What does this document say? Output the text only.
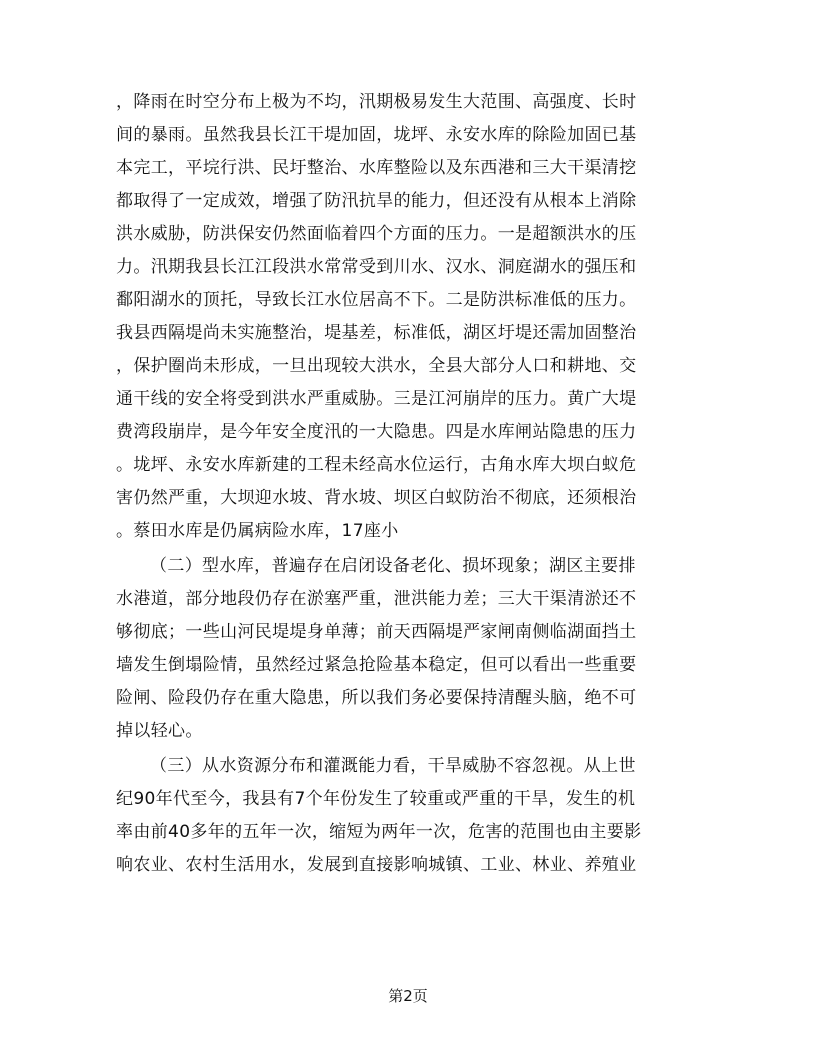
，降雨在时空分布上极为不均，汛期极易发生大范围、高强度、长时
间的暴雨。虽然我县长江干堤加固，垅坪、永安水库的除险加固已基
本完工，平垸行洪、民圩整治、水库整险以及东西港和三大干渠清挖
都取得了一定成效，增强了防汛抗旱的能力，但还没有从根本上消除
洪水威胁，防洪保安仍然面临着四个方面的压力。一是超额洪水的压
力。汛期我县长江江段洪水常常受到川水、汉水、洞庭湖水的强压和
鄱阳湖水的顶托，导致长江水位居高不下。二是防洪标准低的压力。
我县西隔堤尚未实施整治，堤基差，标准低，湖区圩堤还需加固整治
，保护圈尚未形成，一旦出现较大洪水，全县大部分人口和耕地、交
通干线的安全将受到洪水严重威胁。三是江河崩岸的压力。黄广大堤
费湾段崩岸，是今年安全度汛的一大隐患。四是水库闸站隐患的压力
。垅坪、永安水库新建的工程未经高水位运行，古角水库大坝白蚁危
害仍然严重，大坝迎水坡、背水坡、坝区白蚁防治不彻底，还须根治
。蔡田水库是仍属病险水库，17座小
（二）型水库，普遍存在启闭设备老化、损坏现象；湖区主要排
水港道，部分地段仍存在淤塞严重，泄洪能力差；三大干渠清淤还不
够彻底；一些山河民堤堤身单薄；前天西隔堤严家闸南侧临湖面挡土
墙发生倒塌险情，虽然经过紧急抢险基本稳定，但可以看出一些重要
险闸、险段仍存在重大隐患，所以我们务必要保持清醒头脑，绝不可
掉以轻心。
（三）从水资源分布和灌溉能力看，干旱威胁不容忽视。从上世
纪90年代至今，我县有7个年份发生了较重或严重的干旱，发生的机
率由前40多年的五年一次，缩短为两年一次，危害的范围也由主要影
响农业、农村生活用水，发展到直接影响城镇、工业、林业、养殖业
第2页
